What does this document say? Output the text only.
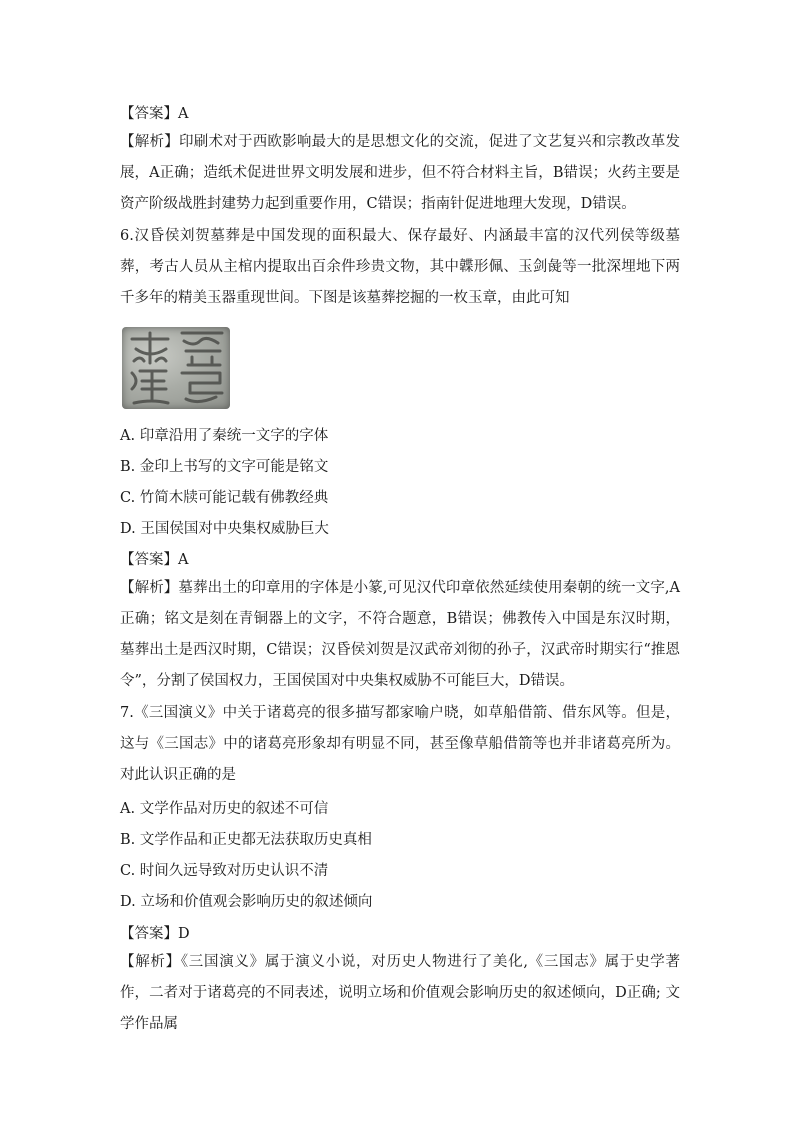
【答案】A

【解析】印刷术对于西欧影响最大的是思想文化的交流，促进了文艺复兴和宗教改革发展，A正确；造纸术促进世界文明发展和进步，但不符合材料主旨，B错误；火药主要是资产阶级战胜封建势力起到重要作用，C错误；指南针促进地理大发现，D错误。

6.汉昏侯刘贺墓葬是中国发现的面积最大、保存最好、内涵最丰富的汉代列侯等级墓葬，考古人员从主棺内提取出百余件珍贵文物，其中韘形佩、玉剑彘等一批深埋地下两千多年的精美玉器重现世间。下图是该墓葬挖掘的一枚玉章，由此可知

A. 印章沿用了秦统一文字的字体

B. 金印上书写的文字可能是铭文

C. 竹简木牍可能记载有佛教经典

D. 王国侯国对中央集权威胁巨大

【答案】A

【解析】墓葬出土的印章用的字体是小篆,可见汉代印章依然延续使用秦朝的统一文字,A正确；铭文是刻在青铜器上的文字，不符合题意，B错误；佛教传入中国是东汉时期，墓葬出土是西汉时期，C错误；汉昏侯刘贺是汉武帝刘彻的孙子，汉武帝时期实行“推恩令”，分割了侯国权力，王国侯国对中央集权威胁不可能巨大，D错误。

7.《三国演义》中关于诸葛亮的很多描写都家喻户晓，如草船借箭、借东风等。但是，这与《三国志》中的诸葛亮形象却有明显不同，甚至像草船借箭等也并非诸葛亮所为。对此认识正确的是

A. 文学作品对历史的叙述不可信

B. 文学作品和正史都无法获取历史真相

C. 时间久远导致对历史认识不清

D. 立场和价值观会影响历史的叙述倾向

【答案】D

【解析】《三国演义》属于演义小说，对历史人物进行了美化,《三国志》属于史学著作，二者对于诸葛亮的不同表述，说明立场和价值观会影响历史的叙述倾向，D正确; 文学作品属
